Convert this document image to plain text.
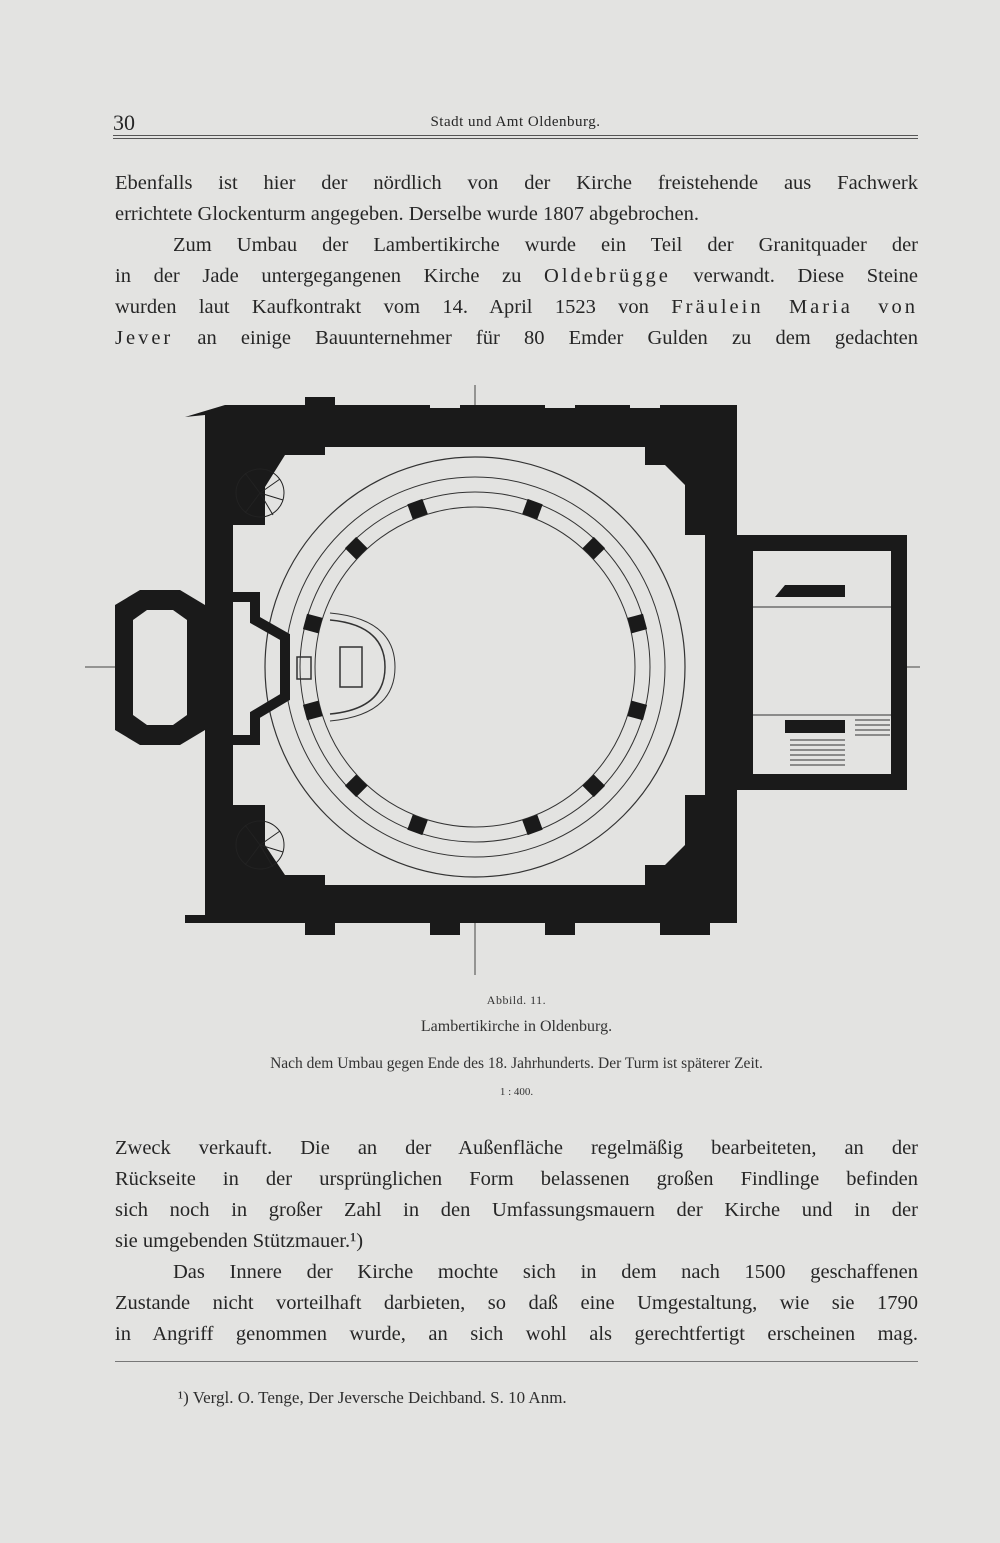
30	Stadt und Amt Oldenburg.
Ebenfalls ist hier der nördlich von der Kirche freistehende aus Fachwerk
errichtete Glockenturm angegeben. Derselbe wurde 1807 abgebrochen.
Zum Umbau der Lambertikirche wurde ein Teil der Granitquader der
in der Jade untergegangenen Kirche zu Oldebrügge verwandt. Diese Steine
wurden laut Kaufkontrakt vom 14. April 1523 von Fräulein Maria von
Jever an einige Bauunternehmer für 80 Emder Gulden zu dem gedachten
Abbild. 11.
Lambertikirche in Oldenburg.
Nach dem Umbau gegen Ende des 18. Jahrhunderts. Der Turm ist späterer Zeit.
1 : 400.
Zweck verkauft. Die an der Außenfläche regelmäßig bearbeiteten, an der
Rückseite in der ursprünglichen Form belassenen großen Findlinge befinden
sich noch in großer Zahl in den Umfassungsmauern der Kirche und in der
sie umgebenden Stützmauer.¹)
Das Innere der Kirche mochte sich in dem nach 1500 geschaffenen
Zustande nicht vorteilhaft darbieten, so daß eine Umgestaltung, wie sie 1790
in Angriff genommen wurde, an sich wohl als gerechtfertigt erscheinen mag.
¹) Vergl. O. Tenge, Der Jeversche Deichband. S. 10 Anm.
